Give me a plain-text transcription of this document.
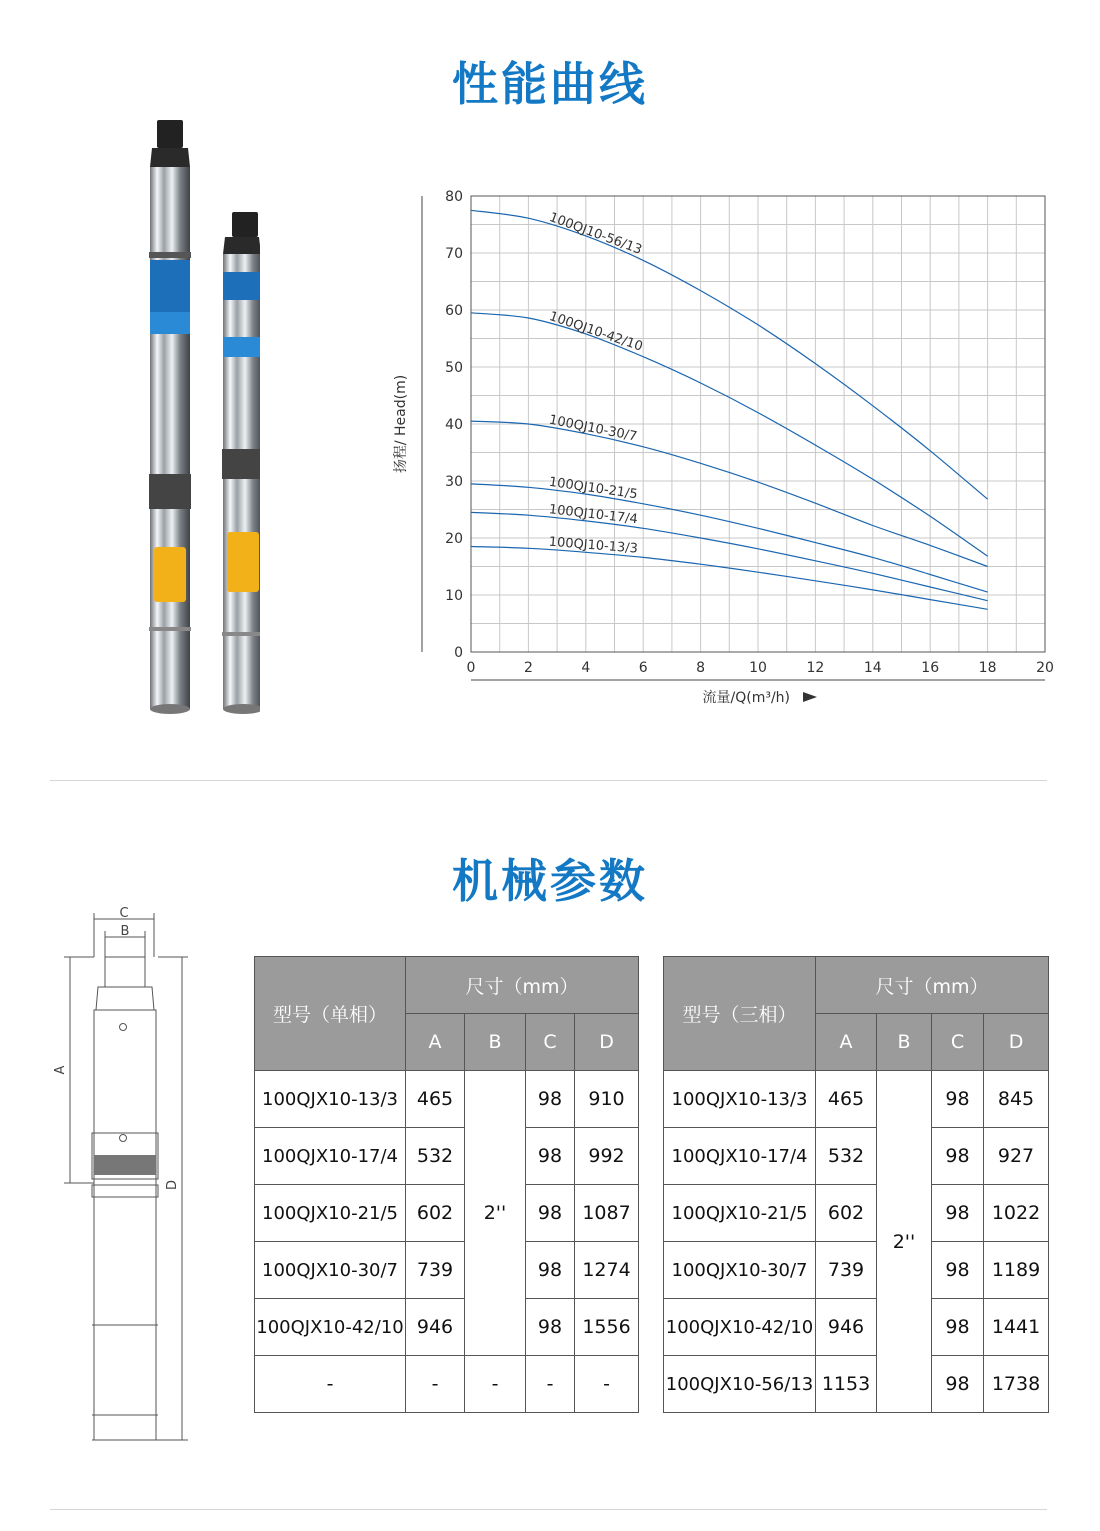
性能曲线
0	2	4	6	8	10	12	14	16	18	20
0
10
20
30
40
50
60
70
80
100QJ10-56/13
100QJ10-42/10
100QJ10-30/7
100QJ10-21/5
100QJ10-17/4
100QJ10-13/3
扬程/ Head(m)
流量/Q(m³/h)
机械参数
C
B
A
D
型号（单相）	尺寸（mm）			
	A	B	C	D
100QJX10-13/3	465	2''	98	910
100QJX10-17/4	532		98	992
100QJX10-21/5	602		98	1087
100QJX10-30/7	739		98	1274
100QJX10-42/10	946		98	1556
-	-	-	-	-
型号（三相）	尺寸（mm）			
	A	B	C	D
100QJX10-13/3	465	2''	98	845
100QJX10-17/4	532		98	927
100QJX10-21/5	602		98	1022
100QJX10-30/7	739		98	1189
100QJX10-42/10	946		98	1441
100QJX10-56/13	1153		98	1738
